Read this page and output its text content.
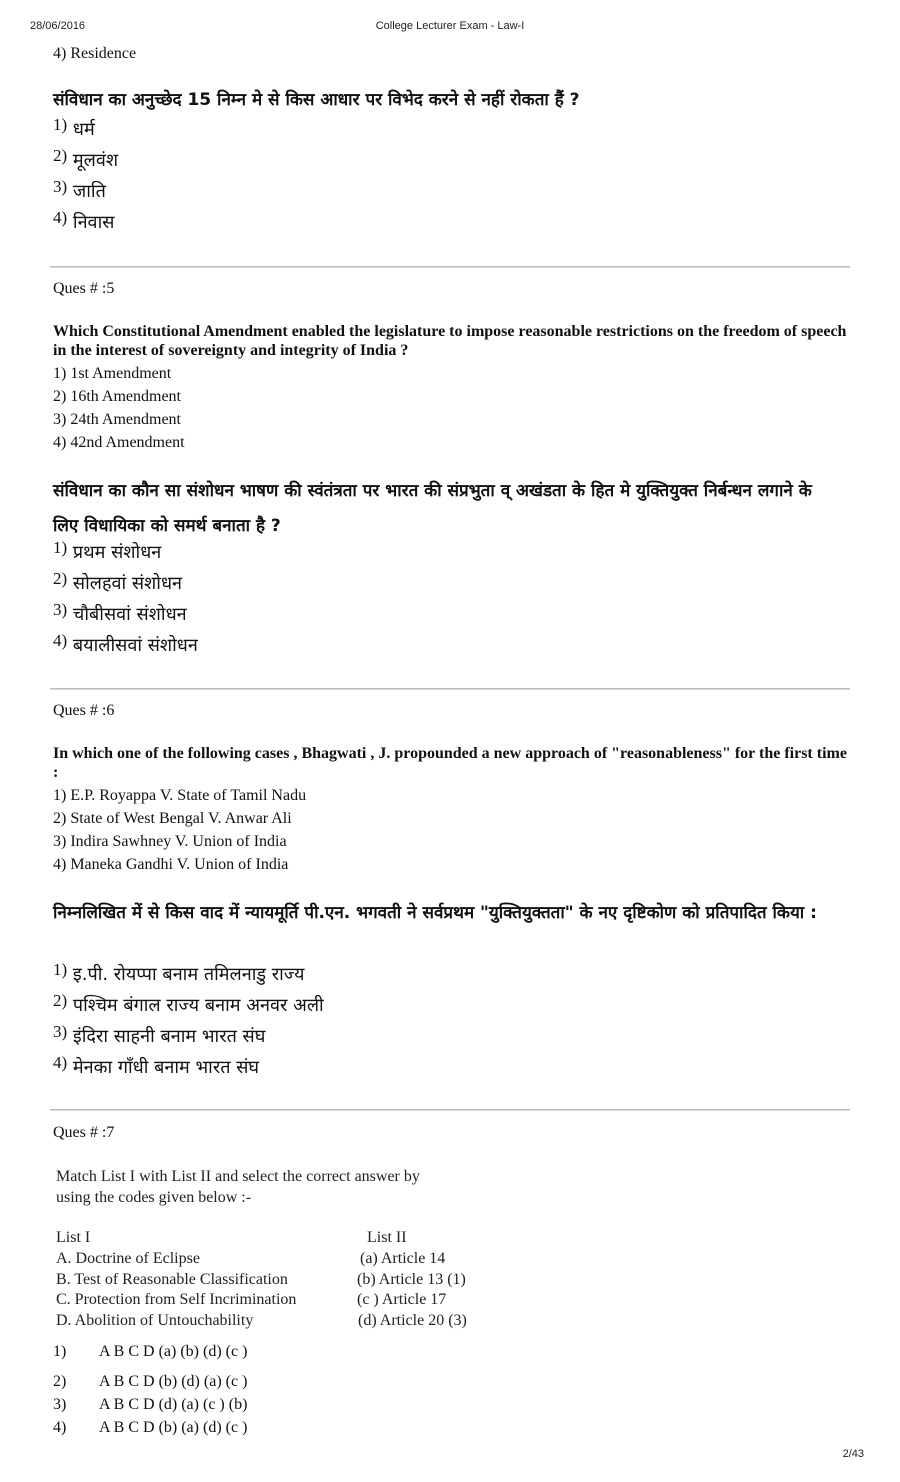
28/06/2016	College Lecturer Exam - Law-I
4) Residence
संविधान का अनुच्छेद 15 निम्न मे से किस आधार पर विभेद करने से नहीं रोकता हैं ?
1) धर्म
2) मूलवंश
3) जाति
4) निवास
Ques # :5
Which Constitutional Amendment enabled the legislature to impose reasonable restrictions on the freedom of speech in the interest of sovereignty and integrity of India ?
1) 1st Amendment
2) 16th Amendment
3) 24th Amendment
4) 42nd Amendment
संविधान का कौन सा संशोधन भाषण की स्वंतंत्रता पर भारत की संप्रभुता व् अखंडता के हित मे युक्तियुक्त निर्बन्धन लगाने के लिए विधायिका को समर्थ बनाता है ?
1) प्रथम संशोधन
2) सोलहवां संशोधन
3) चौबीसवां संशोधन
4) बयालीसवां संशोधन
Ques # :6
In which one of the following cases , Bhagwati , J. propounded a new approach of "reasonableness" for the first time :
1) E.P. Royappa V. State of Tamil Nadu
2) State of West Bengal V. Anwar Ali
3) Indira Sawhney V. Union of India
4) Maneka Gandhi V. Union of India
निम्नलिखित में से किस वाद में न्यायमूर्ति पी.एन. भगवती ने सर्वप्रथम "युक्तियुक्तता" के नए दृष्टिकोण को प्रतिपादित किया :
1) इ.पी. रोयप्पा बनाम तमिलनाडु राज्य
2) पश्चिम बंगाल राज्य बनाम अनवर अली
3) इंदिरा साहनी बनाम भारत संघ
4) मेनका गाँधी बनाम भारत संघ
Ques # :7
Match List I with List II and select the correct answer by
using the codes given below :-
List I	List II
A. Doctrine of Eclipse	(a) Article 14
B. Test of Reasonable Classification	(b) Article 13 (1)
C. Protection from Self Incrimination	(c ) Article 17
D. Abolition of Untouchability	(d) Article 20 (3)
1) A B C D (a) (b) (d) (c )
2) A B C D (b) (d) (a) (c )
3) A B C D (d) (a) (c ) (b)
4) A B C D (b) (a) (d) (c )
2/43
